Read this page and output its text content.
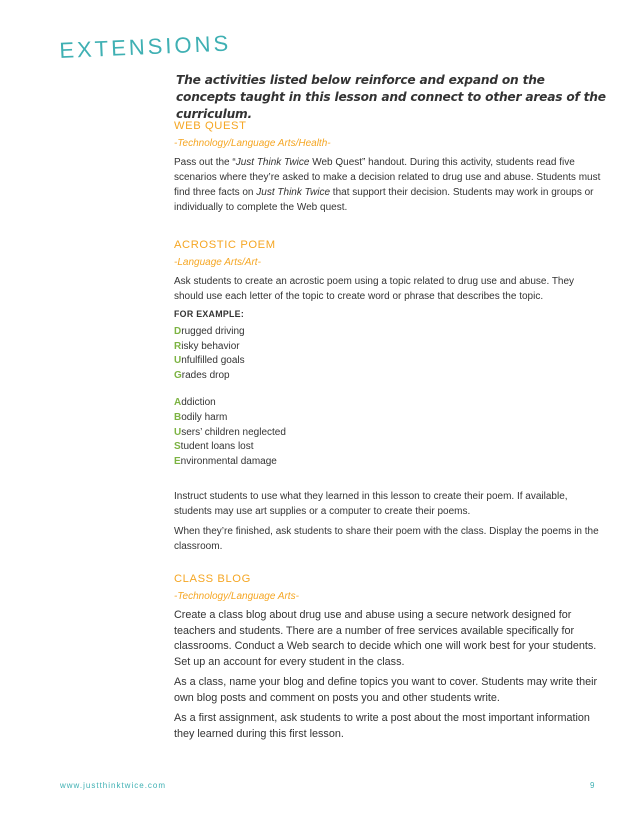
EXTENSIONS

The activities listed below reinforce and expand on the concepts taught in this lesson and connect to other areas of the curriculum.

WEB QUEST

-Technology/Language Arts/Health-

Pass out the “Just Think Twice Web Quest” handout. During this activity, students read five scenarios where they’re asked to make a decision related to drug use and abuse. Students must find three facts on Just Think Twice that support their decision. Students may work in groups or individually to complete the Web quest.

ACROSTIC POEM

-Language Arts/Art-

Ask students to create an acrostic poem using a topic related to drug use and abuse. They should use each letter of the topic to create word or phrase that describes the topic.

FOR EXAMPLE:

Drugged driving

Risky behavior

Unfulfilled goals

Grades drop

Addiction

Bodily harm

Users’ children neglected

Student loans lost

Environmental damage

Instruct students to use what they learned in this lesson to create their poem. If available, students may use art supplies or a computer to create their poems.

When they’re finished, ask students to share their poem with the class. Display the poems in the classroom.

CLASS BLOG

-Technology/Language Arts-

Create a class blog about drug use and abuse using a secure network designed for teachers and students. There are a number of free services available specifically for classrooms. Conduct a Web search to decide which one will work best for your students. Set up an account for every student in the class.

As a class, name your blog and define topics you want to cover. Students may write their own blog posts and comment on posts you and other students write.

As a first assignment, ask students to write a post about the most important information they learned during this first lesson.

www.justthinktwice.com	9
